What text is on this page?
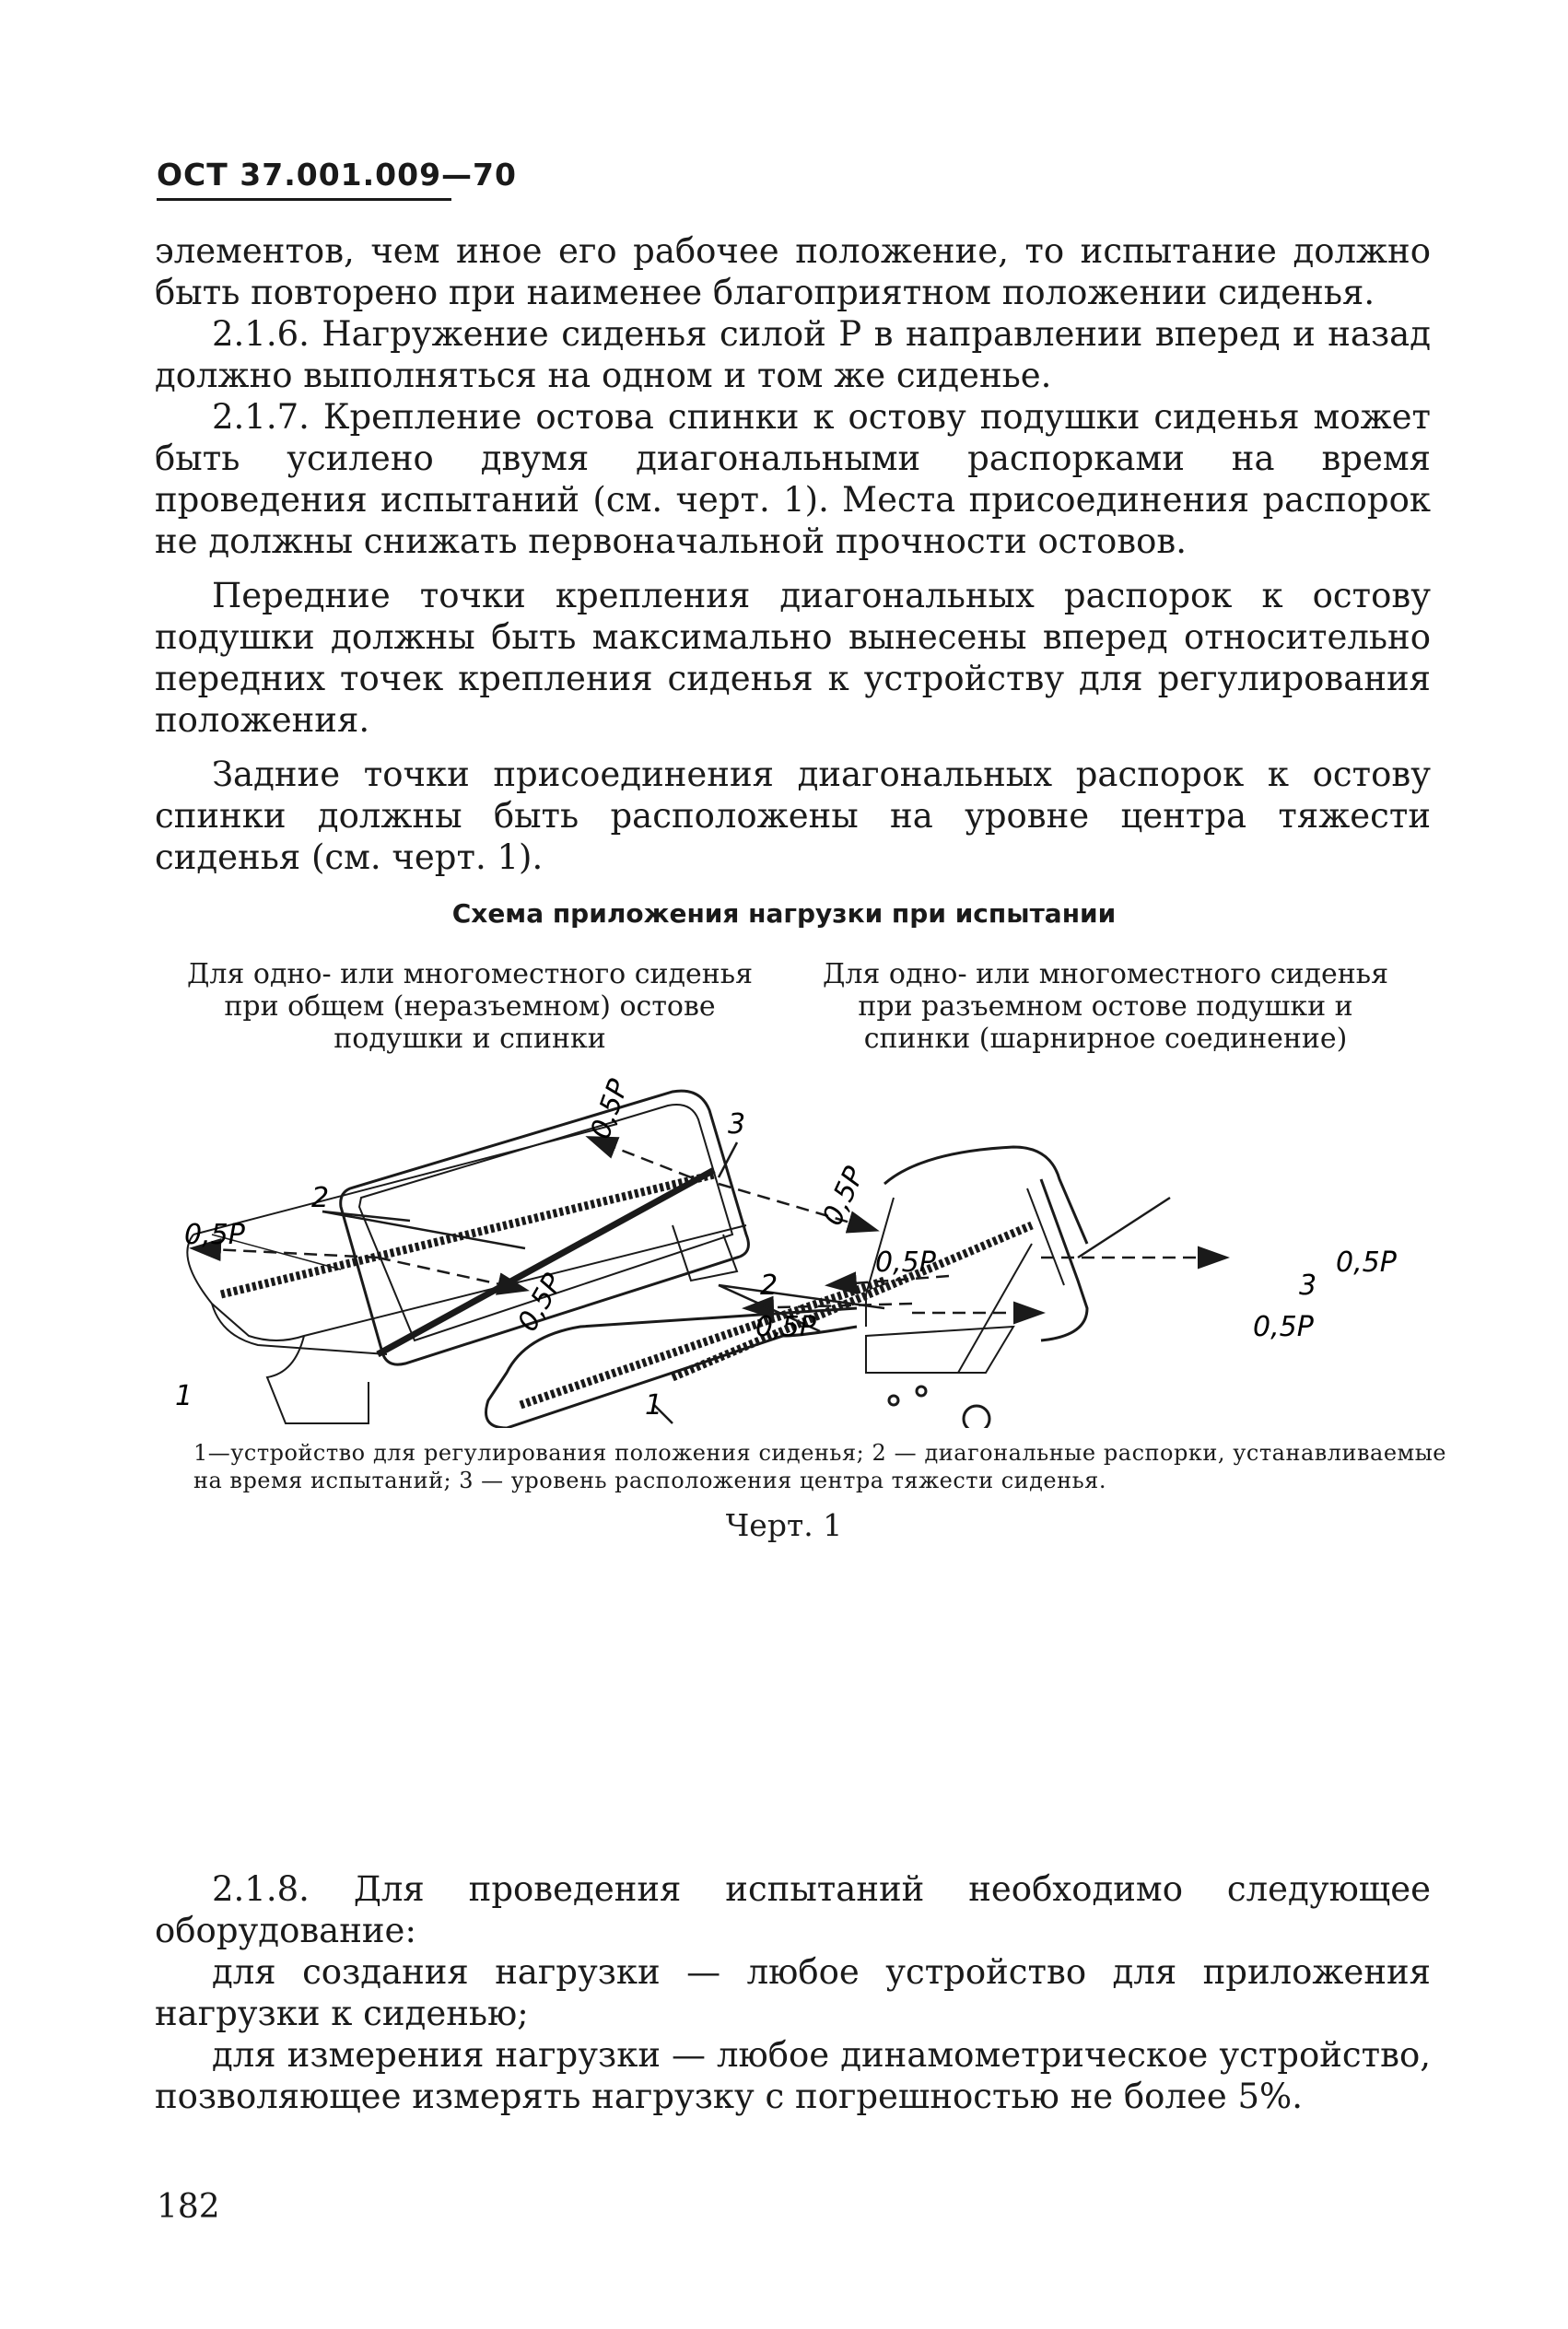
ОСТ 37.001.009—70

элементов, чем иное его рабочее положение, то испытание должно быть повторено при наименее благоприятном положении сиденья.

2.1.6. Нагружение сиденья силой P в направлении вперед и назад должно выполняться на одном и том же сиденье.

2.1.7. Крепление остова спинки к остову подушки сиденья может быть усилено двумя диагональными распорками на время проведения испытаний (см. черт. 1). Места присоединения распорок не должны снижать первоначальной прочности остовов.

Передние точки крепления диагональных распорок к остову подушки должны быть максимально вынесены вперед относительно передних точек крепления сиденья к устройству для регулирования положения.

Задние точки присоединения диагональных распорок к остову спинки должны быть расположены на уровне центра тяжести сиденья (см. черт. 1).

Схема приложения нагрузки при испытании
Для одно- или многоместного сиденья при общем (неразъемном) остове подушки и спинки
Для одно- или многоместного сиденья при разъемном остове подушки и спинки (шарнирное соединение)
2
3
1
0,5P
0,5P
0,5P
0,5P	2	3
1
0,5P	0,5P
0,5P	0,5P
1—устройство для регулирования положения сиденья; 2 — диагональные распорки, устанавливаемые на время испытаний; 3 — уровень расположения центра тяжести сиденья.
Черт. 1

2.1.8. Для проведения испытаний необходимо следующее оборудование:

для создания нагрузки — любое устройство для приложения нагрузки к сиденью;

для измерения нагрузки — любое динамометрическое устройство, позволяющее измерять нагрузку с погрешностью не более 5%.

182
